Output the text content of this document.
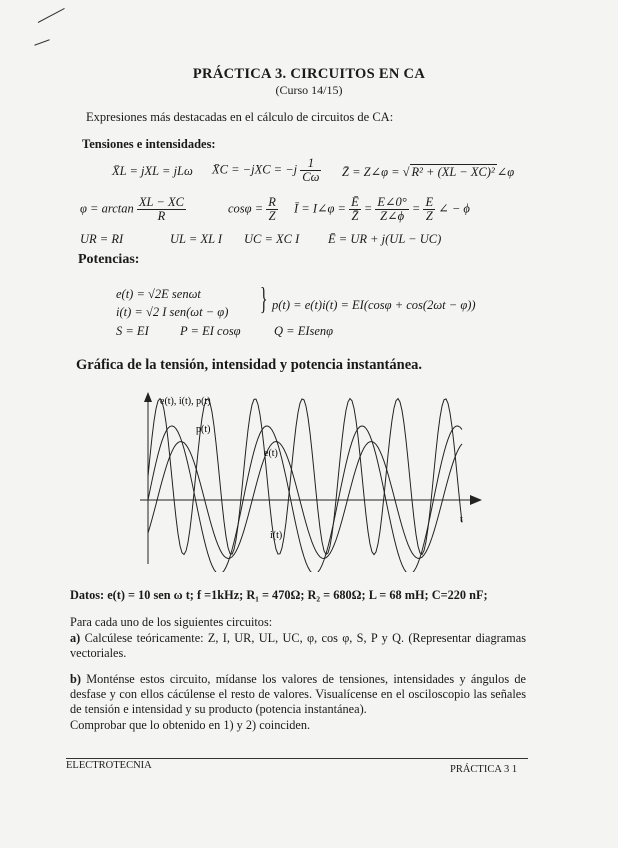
PRÁCTICA 3. CIRCUITOS EN CA
(Curso 14/15)
Expresiones más destacadas en el cálculo de circuitos de CA:
Tensiones e intensidades:
X̄L = jXL = jLω X̄C = $-jXC = -j \frac{1}{C\omega}$ Z̄ = Z∠φ = √ R² + (XL − XC)² ∠φ
$\varphi = \arctan \frac{XL - XC}{R}$	$\cos\varphi = \frac{R}{Z}$ Ī = I∠φ = $\frac{Ē}{Z̄} = \frac{E\angle 0^\circ}{Z\angle\phi} = \frac{E}{Z}$ ∠ − ϕ
UR = RI	UL = XL I UC = XC I Ē = UR + j(UL − UC)
Potencias:
e(t) = √2E senωt
i(t) = √2 I sen(ωt − φ) } p(t) = e(t)i(t) = EI(cosφ + cos(2ωt − φ))
S = EI	P = EI cosφ	Q = EIsenφ
Gráfica de la tensión, intensidad y potencia instantánea.
e(t), i(t), p(t)
t
p(t)
e(t)
i(t)
Datos: e(t) = 10 sen ω t; f =1kHz; R₁ = 470Ω; R₂ = 680Ω; L = 68 mH; C=220 nF;
Para cada uno de los siguientes circuitos:
a) Calcúlese teóricamente: Z, I, UR, UL, UC, φ, cos φ, S, P y Q. (Representar diagramas vectoriales.
b) Monténse estos circuito, mídanse los valores de tensiones, intensidades y ángulos de desfase y con ellos cácúlense el resto de valores. Visualícense en el osciloscopio las señales de tensión e intensidad y su producto (potencia instantánea).
Comprobar que lo obtenido en 1) y 2) coinciden.
ELECTROTECNIA	PRÁCTICA 3 1
